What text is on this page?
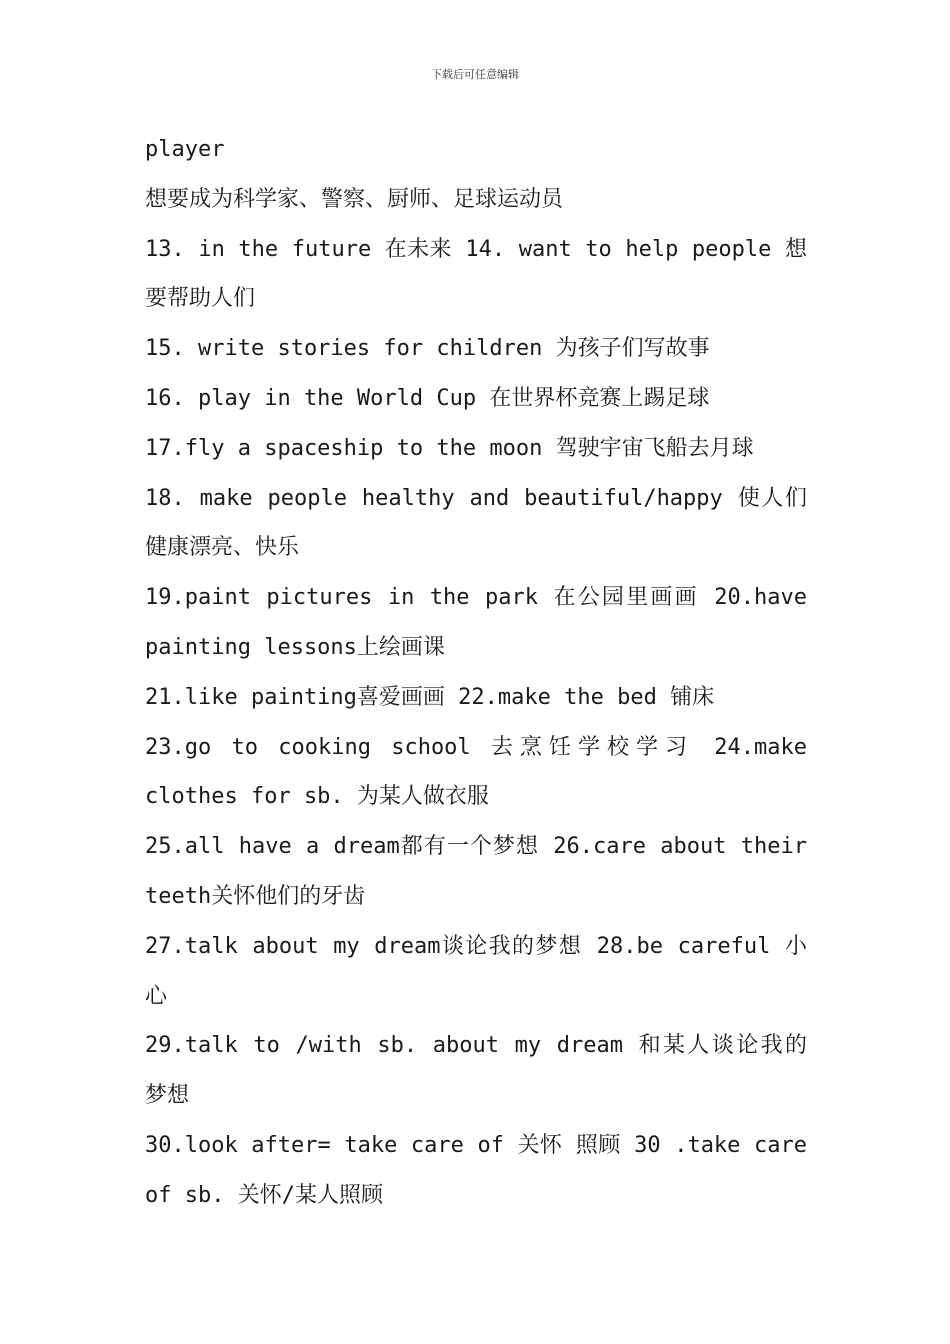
下载后可任意编辑
player
想要成为科学家、警察、厨师、足球运动员
13. in the future 在未来 14. want to help people 想
要帮助人们
15. write stories for children 为孩子们写故事
16. play in the World Cup 在世界杯竞赛上踢足球
17.fly a spaceship to the moon 驾驶宇宙飞船去月球
18. make people healthy and beautiful/happy 使人们
健康漂亮、快乐
19.paint pictures in the park 在公园里画画 20.have
painting lessons上绘画课
21.like painting喜爱画画 22.make the bed 铺床
23.go to cooking school 去烹饪学校学习 24.make
clothes for sb. 为某人做衣服
25.all have a dream都有一个梦想 26.care about their
teeth关怀他们的牙齿
27.talk about my dream谈论我的梦想 28.be careful 小
心
29.talk to /with sb. about my dream 和某人谈论我的
梦想
30.look after= take care of 关怀 照顾 30 .take care
of sb. 关怀/某人照顾
